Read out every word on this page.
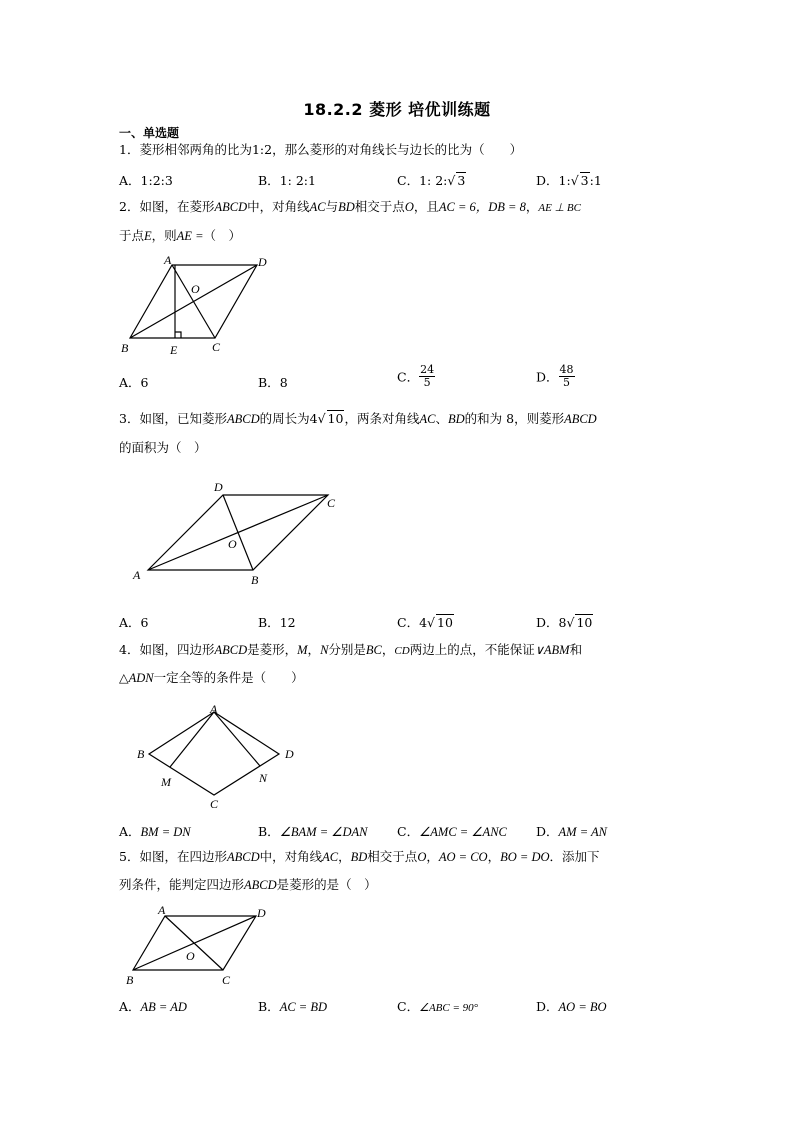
18.2.2 菱形 培优训练题
一、单选题
1．菱形相邻两角的比为1:2，那么菱形的对角线长与边长的比为（　　）
A．1:2:3	B．1: 2:1	C．1: 2:√ 3	D．1:√ 3:1
2．如图，在菱形ABCD中，对角线AC与BD相交于点O，且AC = 6，DB = 8，AE ⊥ BC
于点E，则AE =（　）
A	D
O
B	E	C
A．6	B．8	C． $\frac{24}{5}$	D． $\frac{48}{5}$
3．如图，已知菱形ABCD的周长为4√ 10，两条对角线AC、BD的和为 8，则菱形ABCD
的面积为（　）
D
C
O
A	B
A．6	B．12	C．4√ 10	D．8√ 10
4．如图，四边形ABCD是菱形，M，N分别是BC，CD两边上的点，不能保证∨ABM和
△ADN一定全等的条件是（　　）
A
B	D
M	N
C
A．BM = DN	B．∠BAM = ∠DAN C．∠AMC = ∠ANC D．AM = AN
5．如图，在四边形ABCD中，对角线AC，BD相交于点O，AO = CO，BO = DO．添加下
列条件，能判定四边形ABCD是菱形的是（　）
A	D
O
B	C
A．AB = AD	B．AC = BD	C．∠ABC = 90°	D．AO = BO
